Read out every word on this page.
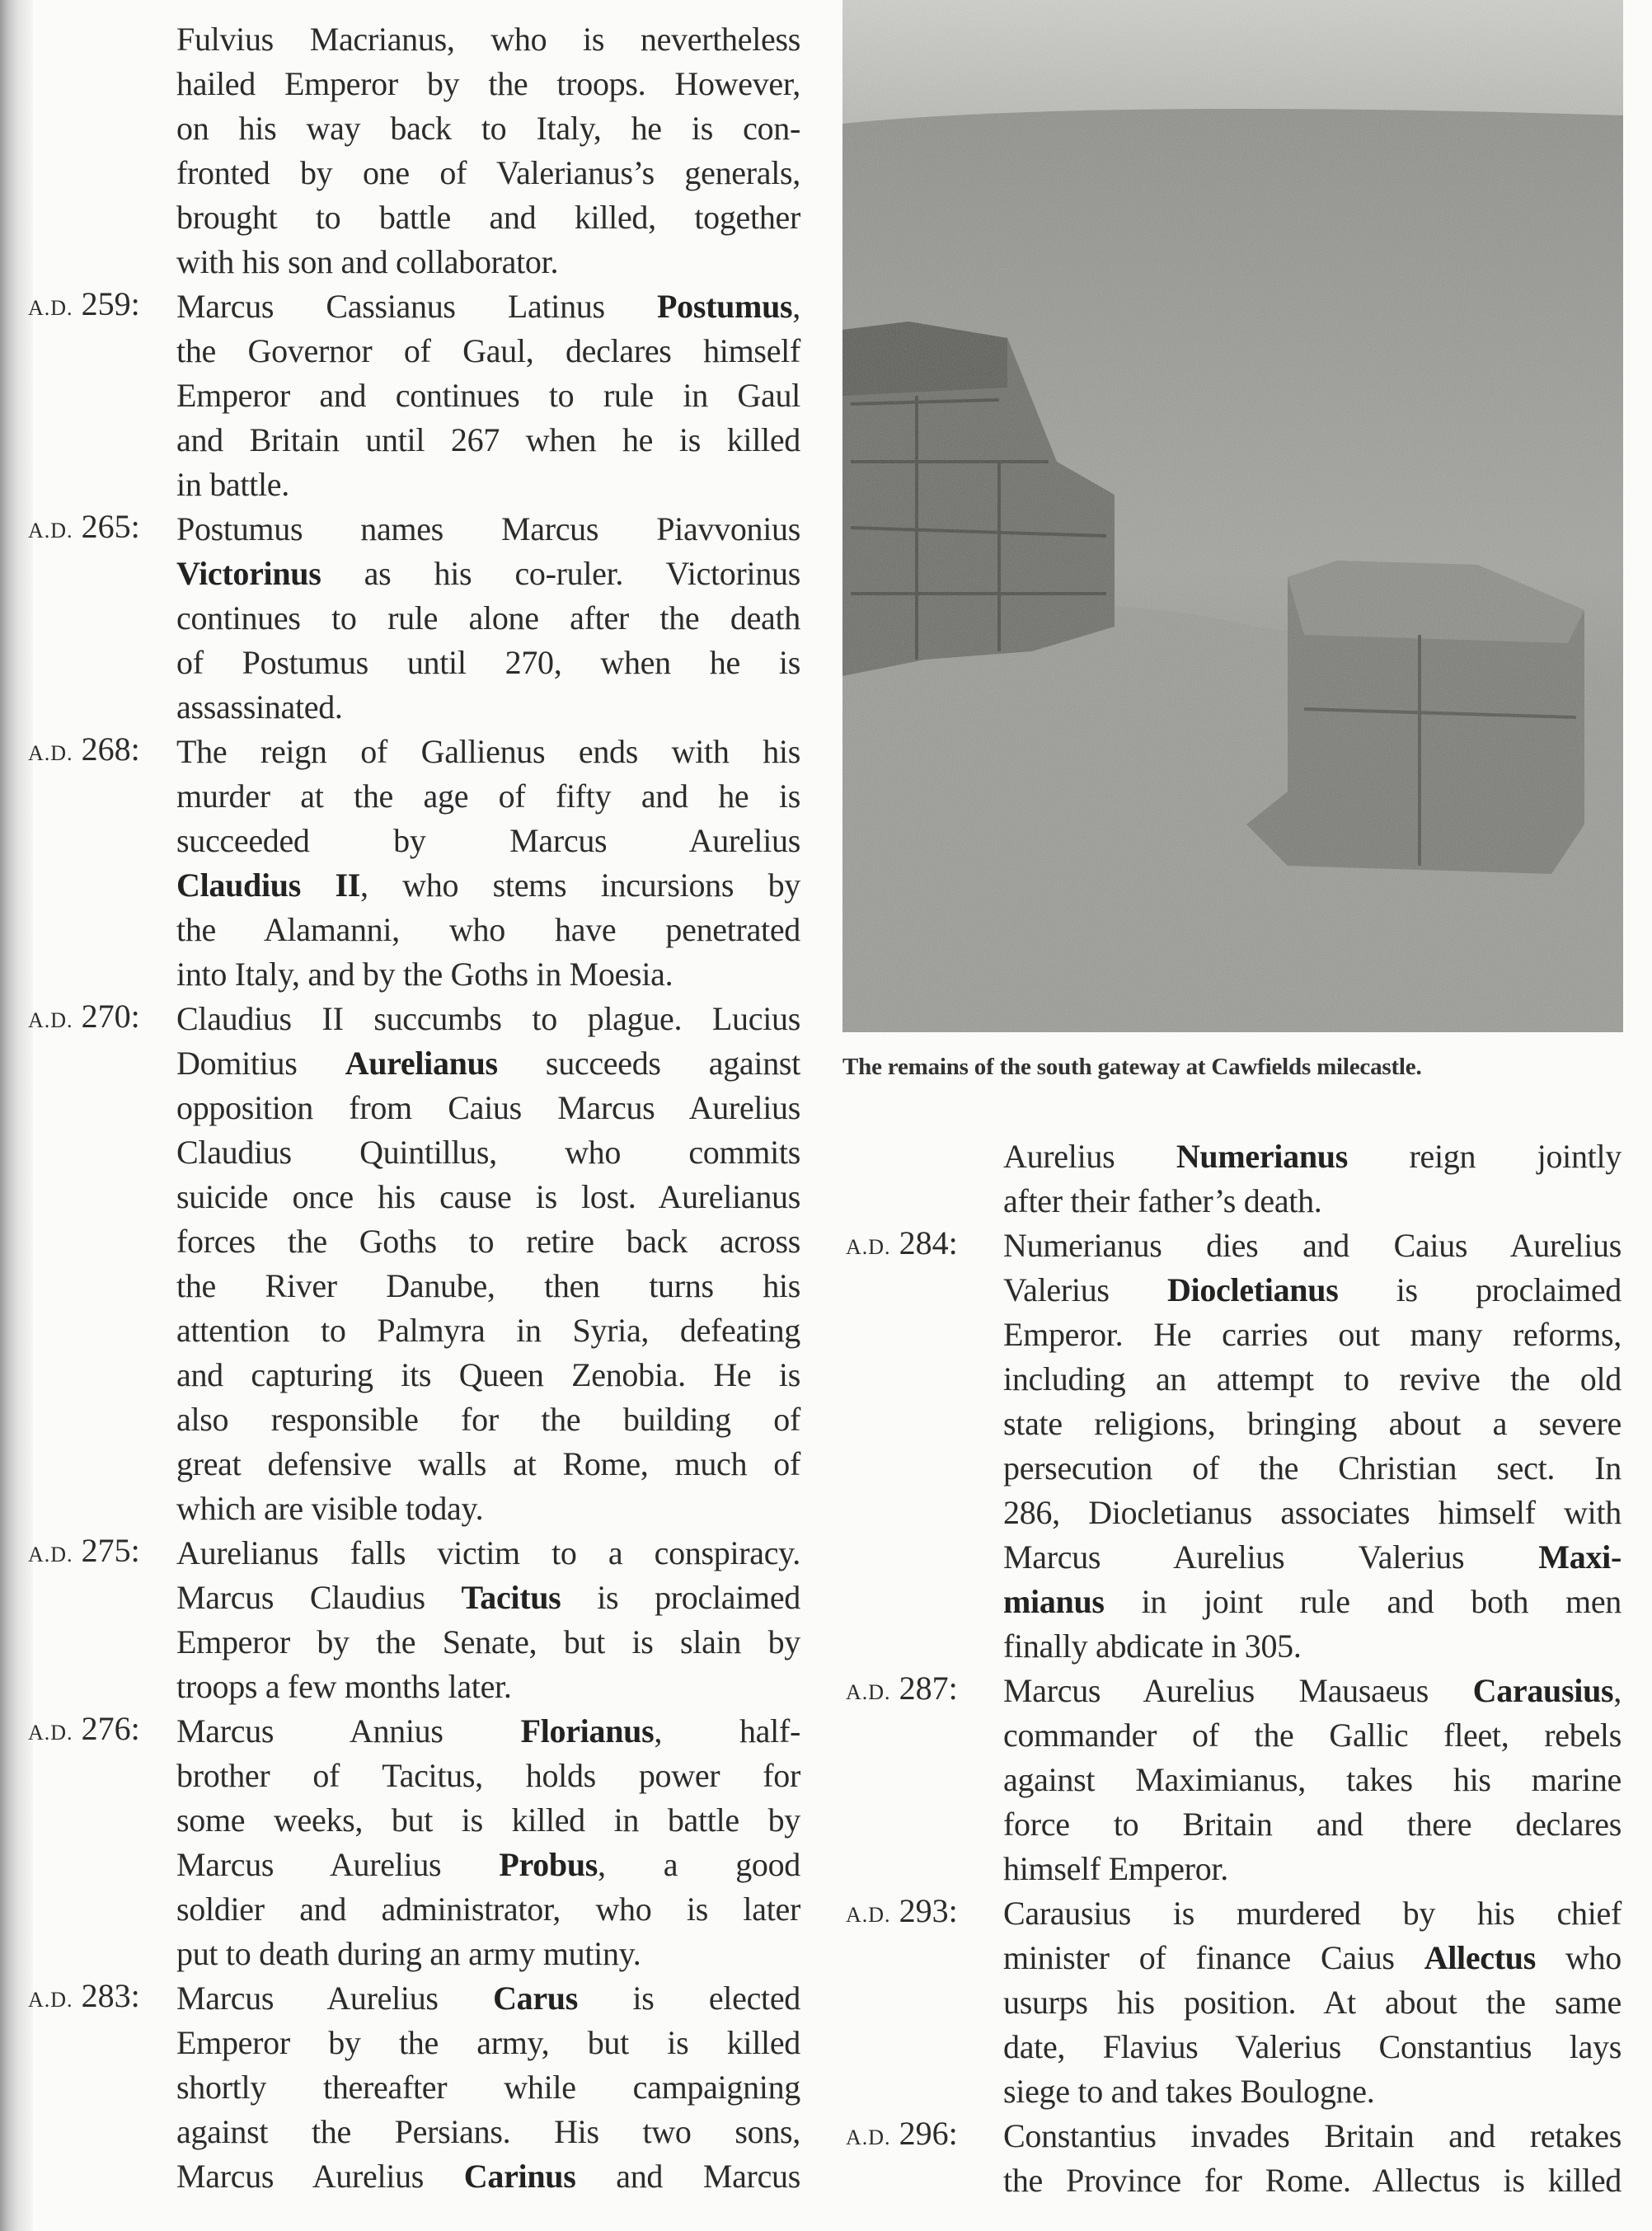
Fulvius Macrianus, who is nevertheless
hailed Emperor by the troops. However,
on his way back to Italy, he is con-
fronted by one of Valerianus’s generals,
brought to battle and killed, together
with his son and collaborator.
A.D. 259:	Marcus Cassianus Latinus Postumus,
the Governor of Gaul, declares himself
Emperor and continues to rule in Gaul
and Britain until 267 when he is killed
in battle.
A.D. 265:	Postumus names Marcus Piavvonius
Victorinus as his co-ruler. Victorinus
continues to rule alone after the death
of Postumus until 270, when he is
assassinated.
A.D. 268:	The reign of Gallienus ends with his
murder at the age of fifty and he is
succeeded by Marcus Aurelius
Claudius II, who stems incursions by
the Alamanni, who have penetrated
into Italy, and by the Goths in Moesia.
A.D. 270:	Claudius II succumbs to plague. Lucius
Domitius Aurelianus succeeds against
opposition from Caius Marcus Aurelius
Claudius Quintillus, who commits
suicide once his cause is lost. Aurelianus
forces the Goths to retire back across
the River Danube, then turns his
attention to Palmyra in Syria, defeating
and capturing its Queen Zenobia. He is
also responsible for the building of
great defensive walls at Rome, much of
which are visible today.
A.D. 275:	Aurelianus falls victim to a conspiracy.
Marcus Claudius Tacitus is proclaimed
Emperor by the Senate, but is slain by
troops a few months later.
A.D. 276:	Marcus Annius Florianus, half-
brother of Tacitus, holds power for
some weeks, but is killed in battle by
Marcus Aurelius Probus, a good
soldier and administrator, who is later
put to death during an army mutiny.
A.D. 283:	Marcus Aurelius Carus is elected
Emperor by the army, but is killed
shortly thereafter while campaigning
against the Persians. His two sons,
Marcus Aurelius Carinus and Marcus
The remains of the south gateway at Cawfields milecastle.
Aurelius Numerianus reign jointly
after their father’s death.
A.D. 284:	Numerianus dies and Caius Aurelius
Valerius Diocletianus is proclaimed
Emperor. He carries out many reforms,
including an attempt to revive the old
state religions, bringing about a severe
persecution of the Christian sect. In
286, Diocletianus associates himself with
Marcus Aurelius Valerius Maxi-
mianus in joint rule and both men
finally abdicate in 305.
A.D. 287:	Marcus Aurelius Mausaeus Carausius,
commander of the Gallic fleet, rebels
against Maximianus, takes his marine
force to Britain and there declares
himself Emperor.
A.D. 293:	Carausius is murdered by his chief
minister of finance Caius Allectus who
usurps his position. At about the same
date, Flavius Valerius Constantius lays
siege to and takes Boulogne.
A.D. 296:	Constantius invades Britain and retakes
the Province for Rome. Allectus is killed
